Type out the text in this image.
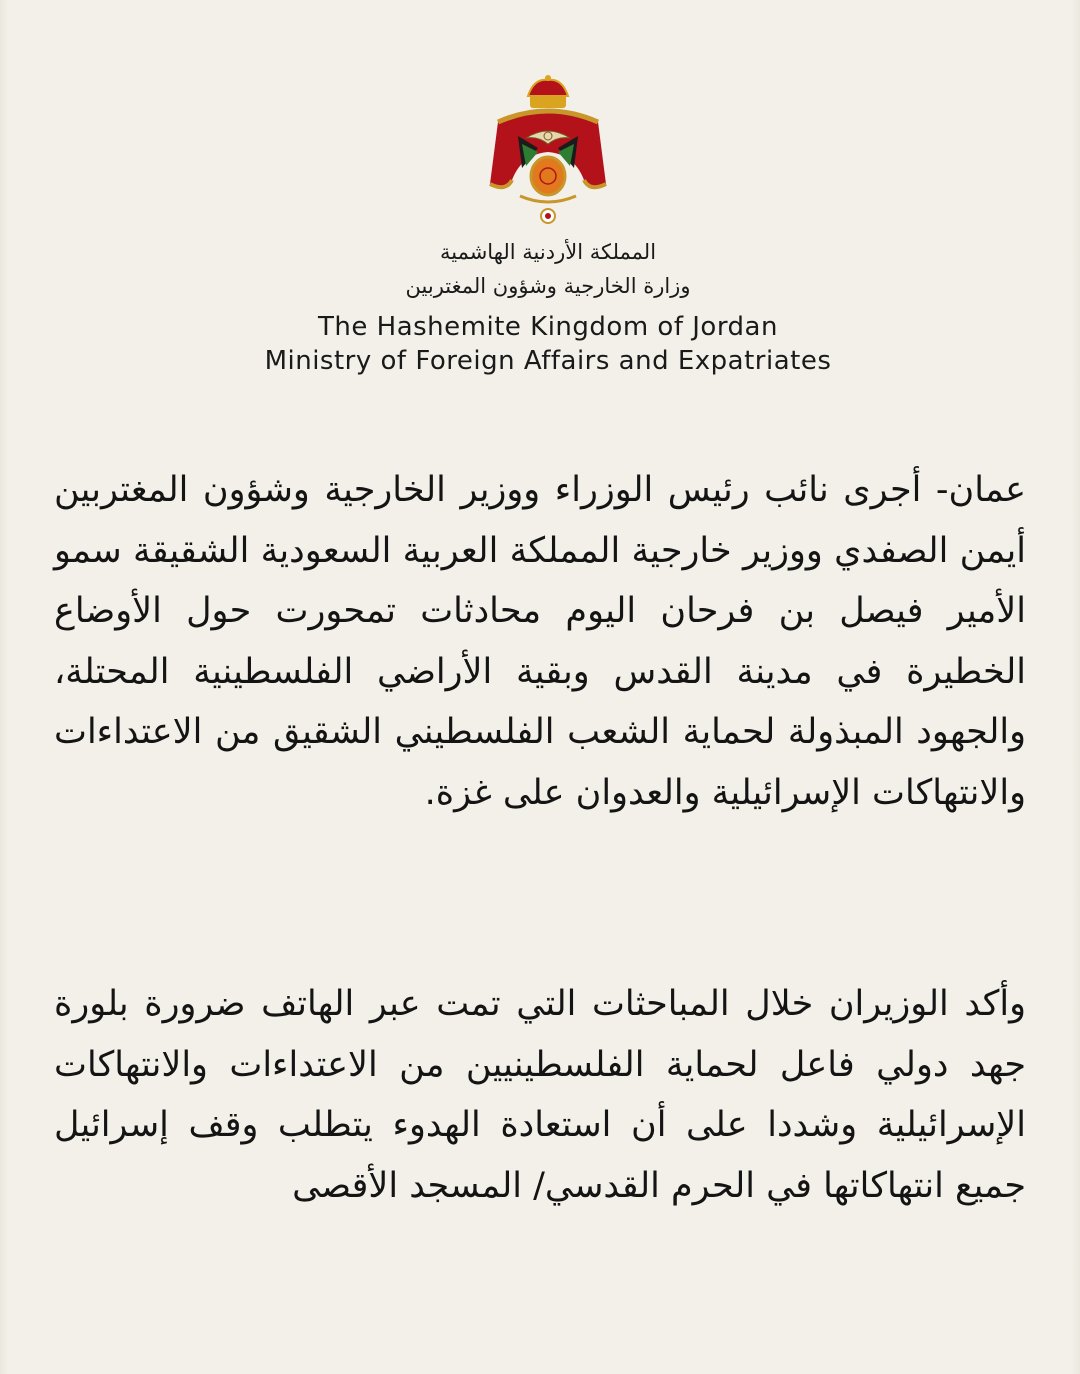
المملكة الأردنية الهاشمية
وزارة الخارجية وشؤون المغتربين
The Hashemite Kingdom of Jordan
Ministry of Foreign Affairs and Expatriates

عمان- أجرى نائب رئيس الوزراء ووزير الخارجية وشؤون المغتربين أيمن الصفدي ووزير خارجية المملكة العربية السعودية الشقيقة سمو الأمير فيصل بن فرحان اليوم محادثات تمحورت حول الأوضاع الخطيرة في مدينة القدس وبقية الأراضي الفلسطينية المحتلة، والجهود المبذولة لحماية الشعب الفلسطيني الشقيق من الاعتداءات والانتهاكات الإسرائيلية والعدوان على غزة.

وأكد الوزيران خلال المباحثات التي تمت عبر الهاتف ضرورة بلورة جهد دولي فاعل لحماية الفلسطينيين من الاعتداءات والانتهاكات الإسرائيلية وشددا على أن استعادة الهدوء يتطلب وقف إسرائيل جميع انتهاكاتها في الحرم القدسي/ المسجد الأقصى
